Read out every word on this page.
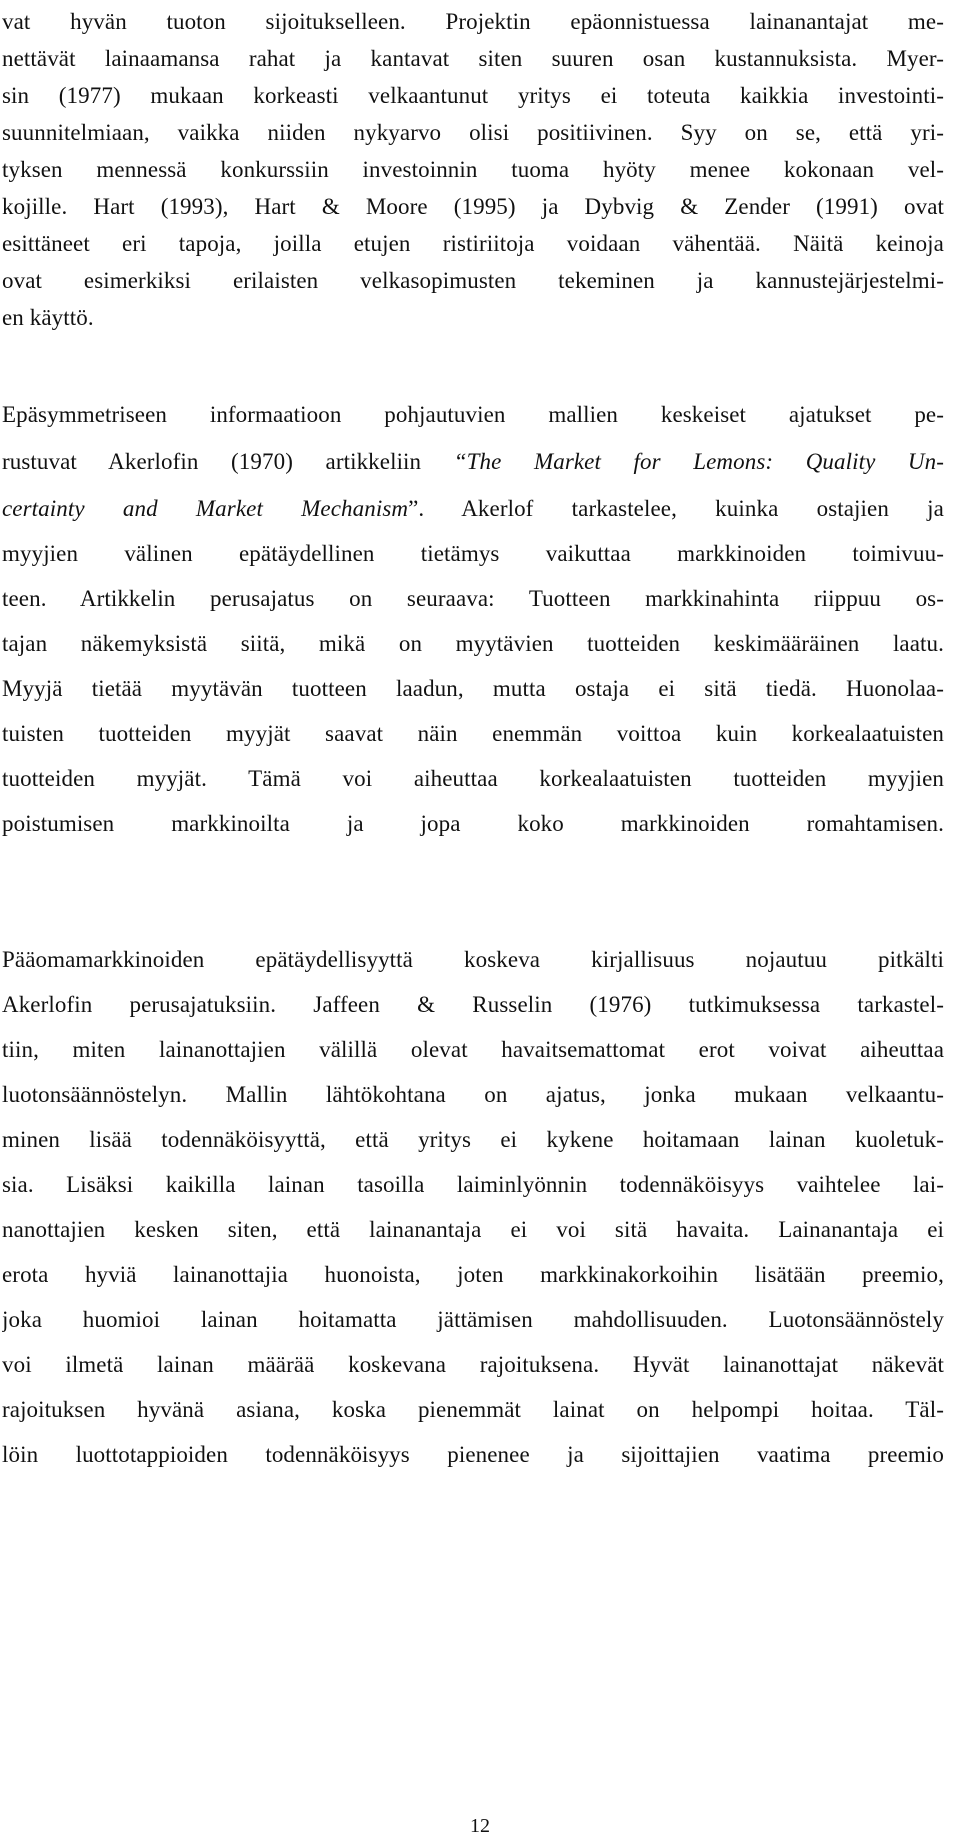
vat hyvän tuoton sijoitukselleen. Projektin epäonnistuessa lainanantajat me-
nettävät lainaamansa rahat ja kantavat siten suuren osan kustannuksista. Myer-
sin (1977) mukaan korkeasti velkaantunut yritys ei toteuta kaikkia investointi-
suunnitelmiaan, vaikka niiden nykyarvo olisi positiivinen. Syy on se, että yri-
tyksen mennessä konkurssiin investoinnin tuoma hyöty menee kokonaan vel-
kojille. Hart (1993), Hart & Moore (1995) ja Dybvig & Zender (1991) ovat
esittäneet eri tapoja, joilla etujen ristiriitoja voidaan vähentää. Näitä keinoja
ovat esimerkiksi erilaisten velkasopimusten tekeminen ja kannustejärjestelmi-
en käyttö.
Epäsymmetriseen informaatioon pohjautuvien mallien keskeiset ajatukset pe-
rustuvat Akerlofin (1970) artikkeliin “The Market for Lemons: Quality Un-
certainty and Market Mechanism”. Akerlof tarkastelee, kuinka ostajien ja
myyjien välinen epätäydellinen tietämys vaikuttaa markkinoiden toimivuu-
teen. Artikkelin perusajatus on seuraava: Tuotteen markkinahinta riippuu os-
tajan näkemyksistä siitä, mikä on myytävien tuotteiden keskimääräinen laatu.
Myyjä tietää myytävän tuotteen laadun, mutta ostaja ei sitä tiedä. Huonolaa-
tuisten tuotteiden myyjät saavat näin enemmän voittoa kuin korkealaatuisten
tuotteiden myyjät. Tämä voi aiheuttaa korkealaatuisten tuotteiden myyjien
poistumisen markkinoilta ja jopa koko markkinoiden romahtamisen.
Pääomamarkkinoiden epätäydellisyyttä koskeva kirjallisuus nojautuu pitkälti
Akerlofin perusajatuksiin. Jaffeen & Russelin (1976) tutkimuksessa tarkastel-
tiin, miten lainanottajien välillä olevat havaitsemattomat erot voivat aiheuttaa
luotonsäännöstelyn. Mallin lähtökohtana on ajatus, jonka mukaan velkaantu-
minen lisää todennäköisyyttä, että yritys ei kykene hoitamaan lainan kuoletuk-
sia. Lisäksi kaikilla lainan tasoilla laiminlyönnin todennäköisyys vaihtelee lai-
nanottajien kesken siten, että lainanantaja ei voi sitä havaita. Lainanantaja ei
erota hyviä lainanottajia huonoista, joten markkinakorkoihin lisätään preemio,
joka huomioi lainan hoitamatta jättämisen mahdollisuuden. Luotonsäännöstely
voi ilmetä lainan määrää koskevana rajoituksena. Hyvät lainanottajat näkevät
rajoituksen hyvänä asiana, koska pienemmät lainat on helpompi hoitaa. Täl-
löin luottotappioiden todennäköisyys pienenee ja sijoittajien vaatima preemio
12
